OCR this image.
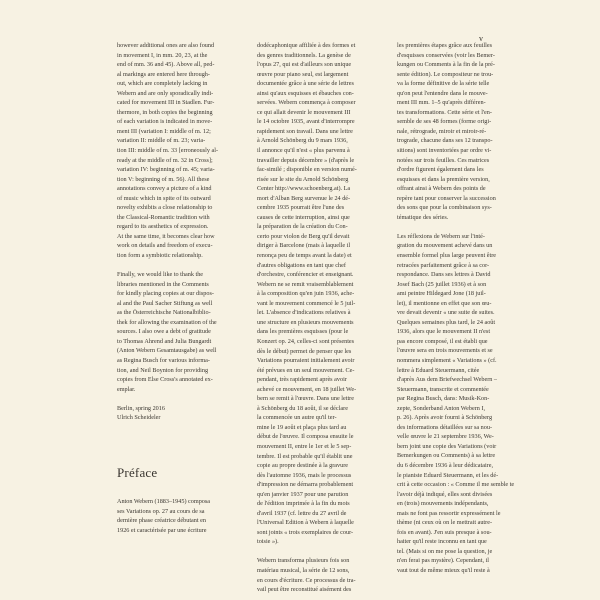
v
however additional ones are also found
in movement I, in mm. 20, 23, at the
end of mm. 36 and 45). Above all, ped-
al markings are entered here through-
out, which are completely lacking in
Webern and are only sporadically indi-
cated for movement III in Stadlen. Fur-
thermore, in both copies the beginning
of each variation is indicated in move-
ment III (variation I: middle of m. 12;
variation II: middle of m. 23; varia-
tion III: middle of m. 33 [erroneously al-
ready at the middle of m. 32 in Cross];
variation IV: beginning of m. 45; varia-
tion V: beginning of m. 56). All these
annotations convey a picture of a kind
of music which in spite of its outward
novelty exhibits a close relationship to
the Classical-Romantic tradition with
regard to its aesthetics of expression.
At the same time, it becomes clear how
work on details and freedom of execu-
tion form a symbiotic relationship.
Finally, we would like to thank the
libraries mentioned in the Comments
for kindly placing copies at our dispos-
al and the Paul Sacher Stiftung as well
as the Österreichische Nationalbiblio-
thek for allowing the examination of the
sources. I also owe a debt of gratitude
to Thomas Ahrend and Julia Bungardt
(Anton Webern Gesamtausgabe) as well
as Regina Busch for various informa-
tion, and Neil Boynton for providing
copies from Else Cross's annotated ex-
emplar.
Berlin, spring 2016
Ulrich Scheideler
Préface
Anton Webern (1883–1945) composa
ses Variations op. 27 au cours de sa
dernière phase créatrice débutant en
1926 et caractérisée par une écriture
dodécaphonique affiliée à des formes et
des genres traditionnels. La genèse de
l'opus 27, qui est d'ailleurs son unique
œuvre pour piano seul, est largement
documentée grâce à une série de lettres
ainsi qu'aux esquisses et ébauches con-
servées. Webern commença à composer
ce qui allait devenir le mouvement III
le 14 octobre 1935, avant d'interrompre
rapidement son travail. Dans une lettre
à Arnold Schönberg du 9 mars 1936,
il annonce qu'il n'est « plus parvenu à
travailler depuis décembre » (d'après le
fac-similé ; disponible en version numé-
risée sur le site du Arnold Schönberg
Center http://www.schoenberg.at). La
mort d'Alban Berg survenue le 24 dé-
cembre 1935 pourrait être l'une des
causes de cette interruption, ainsi que
la préparation de la création du Con-
certo pour violon de Berg qu'il devait
diriger à Barcelone (mais à laquelle il
renonça peu de temps avant la date) et
d'autres obligations en tant que chef
d'orchestre, conférencier et enseignant.
Webern ne se remit vraisemblablement
à la composition qu'en juin 1936, ache-
vant le mouvement commencé le 5 juil-
let. L'absence d'indications relatives à
une structure en plusieurs mouvements
dans les premières esquisses (pour le
Konzert op. 24, celles-ci sont présentes
dès le début) permet de penser que les
Variations pourraient initialement avoir
été prévues en un seul mouvement. Ce-
pendant, très rapidement après avoir
achevé ce mouvement, en 18 juillet We-
bern se remit à l'œuvre. Dans une lettre
à Schönberg du 18 août, il se déclare
la commencée un autre qu'il ter-
mine le 19 août et plaça plus tard au
début de l'œuvre. Il composa ensuite le
mouvement II, entre le 1er et le 5 sep-
tembre. Il est probable qu'il établit une
copie au propre destinée à la gravure
dès l'automne 1936, mais le processus
d'impression ne démarra probablement
qu'en janvier 1937 pour une parution
de l'édition imprimée à la fin du mois
d'avril 1937 (cf. lettre du 27 avril de
l'Universal Edition à Webern à laquelle
sont joints « trois exemplaires de cour-
toisie »).
Webern transforma plusieurs fois son
matériau musical, la série de 12 sons,
en cours d'écriture. Ce processus de tra-
vail peut être reconstitué aisément des
les premières étapes grâce aux feuilles
d'esquisses conservées (voir les Bemer-
kungen ou Comments à la fin de la pré-
sente édition). Le compositeur ne trou-
va la forme définitive de la série telle
qu'on peut l'entendre dans le mouve-
ment III mm. 1–5 qu'après différen-
tes transformations. Cette série et l'en-
semble de ses 48 formes (forme origi-
nale, rétrograde, miroir et miroir-ré-
trograde, chacune dans ses 12 transpo-
sitions) sont inventoriées par ordre vi-
notées sur trois feuilles. Ces matrices
d'ordre figurent également dans les
esquisses et dans la première version,
offrant ainsi à Webern des points de
repère tant pour conserver la succession
des sons que pour la combinaison sys-
tématique des séries.
Les réflexions de Webern sur l'inté-
gration du mouvement achevé dans un
ensemble formel plus large peuvent être
retracées parfaitement grâce à sa cor-
respondance. Dans ses lettres à David
Josef Bach (25 juillet 1936) et à son
ami peintre Hildegard Jone (18 juil-
let), il mentionne en effet que son œu-
vre devait devenir « une suite de suites.
Quelques semaines plus tard, le 24 août
1936, alors que le mouvement II n'est
pas encore composé, il est établi que
l'œuvre sera en trois mouvements et se
nommera simplement « Variations » (cf.
lettre à Eduard Steuermann, citée
d'après Aus dem Briefwechsel Webern –
Steuermann, transcrite et commentée
par Regina Busch, dans: Musik-Kon-
zepte, Sonderband Anton Webern I,
p. 26). Après avoir fourni à Schönberg
des informations détaillées sur sa nou-
velle œuvre le 21 septembre 1936, We-
bern joint une copie des Variations (voir
Bemerkungen ou Comments) à sa lettre
du 6 décembre 1936 à leur dédicataire,
le pianiste Eduard Steuermann, et les dé-
crit à cette occasion : « Comme il me semble te
l'avoir déjà indiqué, elles sont divisées
en (trois) mouvements indépendants,
mais ne font pas ressortir expressément le
thème (ni ceux où on le mettrait autre-
fois en avant). J'en suis presque à sou-
haiter qu'il reste inconnu en tant que
tel. (Mais si on me pose la question, je
n'en ferai pas mystère). Cependant, il
vaut tout de même mieux qu'il reste à
